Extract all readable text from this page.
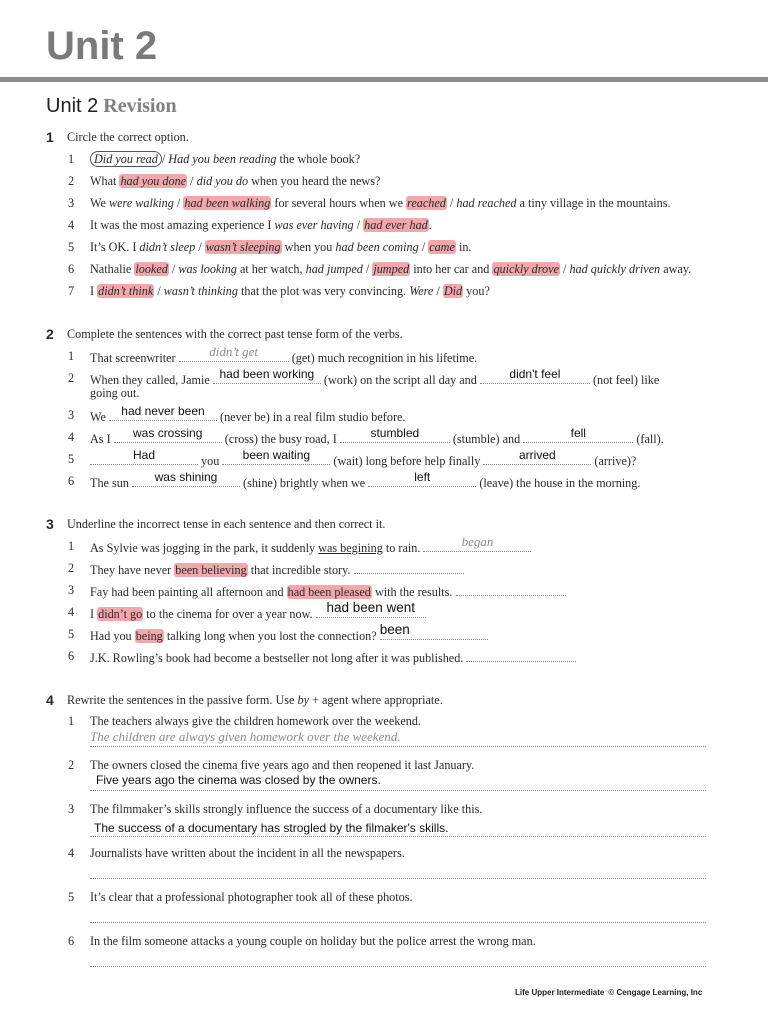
Unit 2
Unit 2 Revision
1 Circle the correct option.
1	Did you read / Had you been reading the whole book?
2 What had you done / did you do when you heard the news?
3 We were walking / had been walking for several hours when we reached / had reached a tiny village in the mountains.
4 It was the most amazing experience I was ever having / had ever had.
5 It’s OK. I didn’t sleep / wasn’t sleeping when you had been coming / came in.
6 Nathalie looked / was looking at her watch, had jumped / jumped into her car and quickly drove / had quickly driven away.
7 I didn’t think / wasn’t thinking that the plot was very convincing. Were / Did you?
2 Complete the sentences with the correct past tense form of the verbs.
1 That screenwriter	didn’t get	(get) much recognition in his lifetime.
2 When they called, Jamie had been working (work) on the script all day and	didn't feel	(not feel) like
going out.
3 We	had never been	(never be) in a real film studio before.
4 As I	was crossing	(cross) the busy road, I	stumbled	(stumble) and	fell	(fall).
5	Had	you	been waiting	(wait) long before help finally	arrived	(arrive)?
6 The sun	was shining	(shine) brightly when we	left	(leave) the house in the morning.
3 Underline the incorrect tense in each sentence and then correct it.
1 As Sylvie was jogging in the park, it suddenly was begining to rain.	began
2 They have never been believing that incredible story.
3 Fay had been painting all afternoon and had been pleased with the results.
4 I didn’t go to the cinema for over a year now. had been went
5 Had you being talking long when you lost the connection? been
6 J.K. Rowling’s book had become a bestseller not long after it was published.
4 Rewrite the sentences in the passive form. Use by + agent where appropriate.
1 The teachers always give the children homework over the weekend.
The children are always given homework over the weekend.
2 The owners closed the cinema five years ago and then reopened it last January.
Five years ago the cinema was closed by the owners.
3 The filmmaker’s skills strongly influence the success of a documentary like this.
The success of a documentary has strogled by the filmaker's skills.
4 Journalists have written about the incident in all the newspapers.
5 It’s clear that a professional photographer took all of these photos.
6 In the film someone attacks a young couple on holiday but the police arrest the wrong man.
Life Upper Intermediate © Cengage Learning, Inc
